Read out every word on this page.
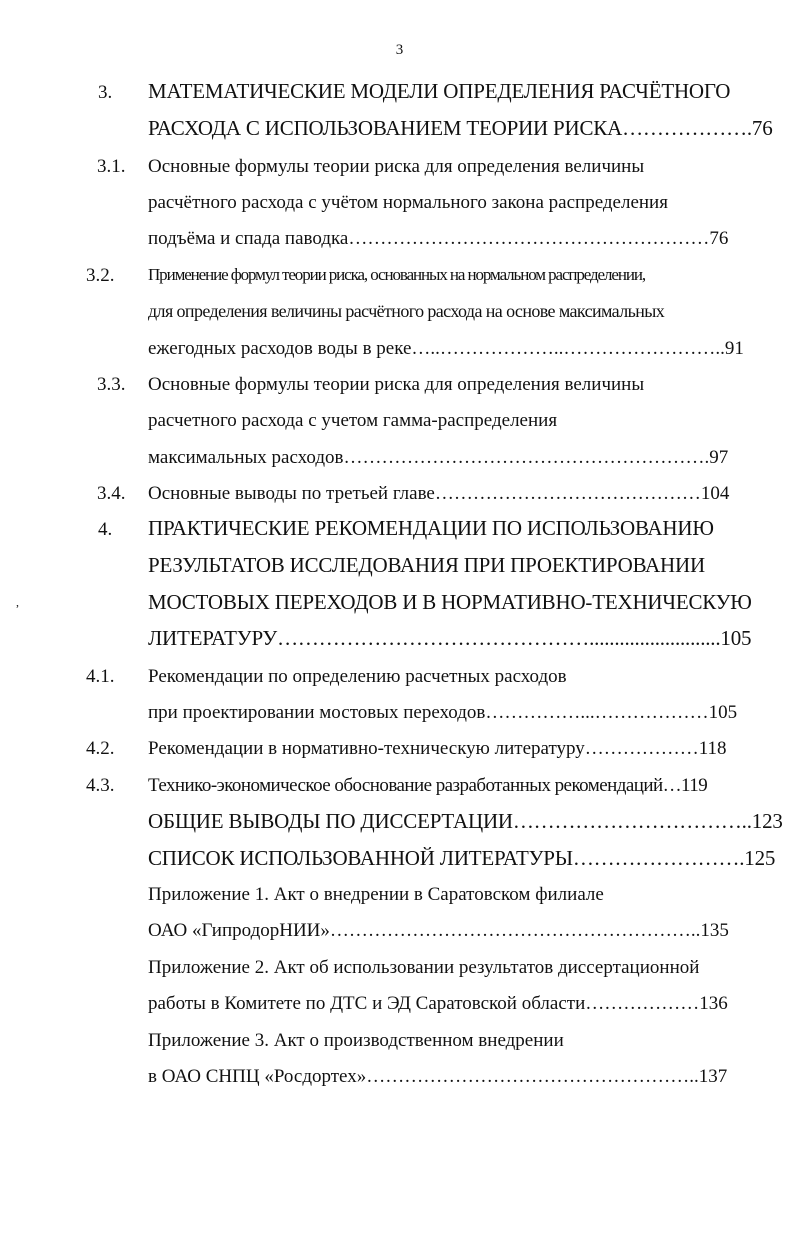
3
,
3. МАТЕМАТИЧЕСКИЕ МОДЕЛИ ОПРЕДЕЛЕНИЯ РАСЧЁТНОГО
РАСХОДА С ИСПОЛЬЗОВАНИЕМ ТЕОРИИ РИСКА……………….76
3.1. Основные формулы теории риска для определения величины
расчётного расхода с учётом нормального закона распределения
подъёма и спада паводка…………………………………………………76
3.2. Применение формул теории риска, основанных на нормальном распределении,
для определения величины расчётного расхода на основе максимальных
ежегодных расходов воды в реке…..………………..……………………..91
3.3. Основные формулы теории риска для определения величины
расчетного расхода с учетом гамма-распределения
максимальных расходов………………………………………………….97
3.4. Основные выводы по третьей главе……………………………………104
4. ПРАКТИЧЕСКИЕ РЕКОМЕНДАЦИИ ПО ИСПОЛЬЗОВАНИЮ
РЕЗУЛЬТАТОВ ИССЛЕДОВАНИЯ ПРИ ПРОЕКТИРОВАНИИ
МОСТОВЫХ ПЕРЕХОДОВ И В НОРМАТИВНО-ТЕХНИЧЕСКУЮ
ЛИТЕРАТУРУ………………………………………..........................105
4.1. Рекомендации по определению расчетных расходов
при проектировании мостовых переходов……………...………………105
4.2. Рекомендации в нормативно-техническую литературу………………118
4.3. Технико-экономическое обоснование разработанных рекомендаций…119
ОБЩИЕ ВЫВОДЫ ПО ДИССЕРТАЦИИ……………………………..123
СПИСОК ИСПОЛЬЗОВАННОЙ ЛИТЕРАТУРЫ…………………….125
Приложение 1. Акт о внедрении в Саратовском филиале
ОАО «ГипродорНИИ»…………………………………………………..135
Приложение 2. Акт об использовании результатов диссертационной
работы в Комитете по ДТС и ЭД Саратовской области………………136
Приложение 3. Акт о производственном внедрении
в ОАО СНПЦ «Росдортех»……………………………………………..137
